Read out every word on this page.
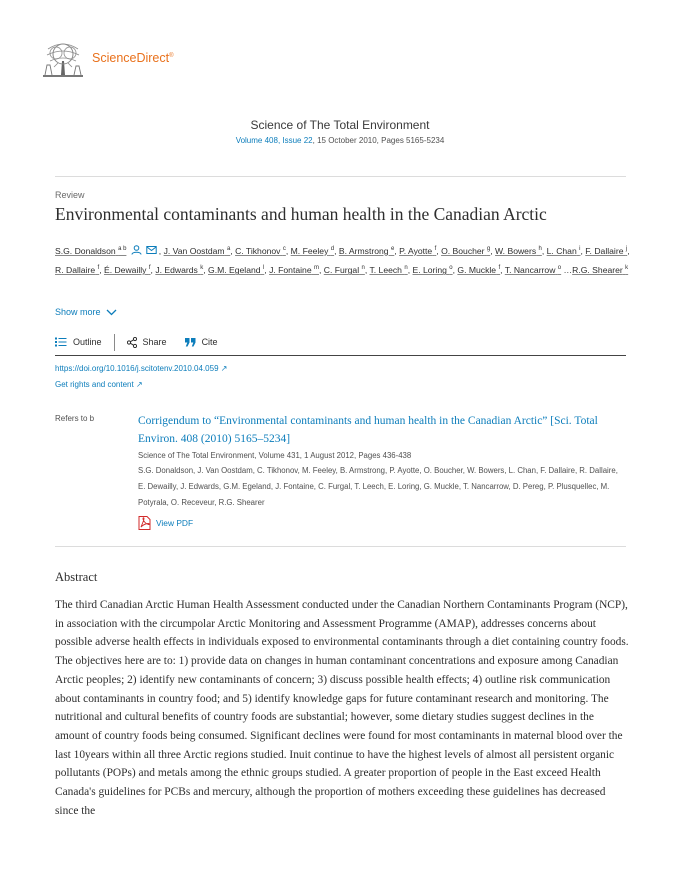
ScienceDirect®
Science of The Total Environment
Volume 408, Issue 22, 15 October 2010, Pages 5165-5234
Review
Environmental contaminants and human health in the Canadian Arctic
S.G. Donaldson $^{a b}$	, J. Van Oostdam $^a$, C. Tikhonov $^c$, M. Feeley $^d$, B. Armstrong $^e$, P. Ayotte $^f$, O. Boucher $^g$, W. Bowers $^h$, L. Chan $^i$, F. Dallaire $^j$, R. Dallaire $^f$, É. Dewailly $^f$, J. Edwards $^k$, G.M. Egeland $^l$, J. Fontaine $^m$, C. Furgal $^n$, T. Leech $^n$, E. Loring $^o$, G. Muckle $^f$, T. Nancarrow $^o$ …R.G. Shearer $^k$
Show more
Outline	Share	Cite
https://doi.org/10.1016/j.scitotenv.2010.04.059 ↗
Get rights and content ↗
Refers to b	Corrigendum to “Environmental contaminants and human health in the Canadian Arctic” [Sci. Total Environ. 408 (2010) 5165–5234]
Science of The Total Environment, Volume 431, 1 August 2012, Pages 436-438
S.G. Donaldson, J. Van Oostdam, C. Tikhonov, M. Feeley, B. Armstrong, P. Ayotte, O. Boucher, W. Bowers, L. Chan, F. Dallaire, R. Dallaire, E. Dewailly, J. Edwards, G.M. Egeland, J. Fontaine, C. Furgal, T. Leech, E. Loring, G. Muckle, T. Nancarrow, D. Pereg, P. Plusquellec, M. Potyrala, O. Receveur, R.G. Shearer
View PDF
Abstract

The third Canadian Arctic Human Health Assessment conducted under the Canadian Northern Contaminants Program (NCP), in association with the circumpolar Arctic Monitoring and Assessment Programme (AMAP), addresses concerns about possible adverse health effects in individuals exposed to environmental contaminants through a diet containing country foods. The objectives here are to: 1) provide data on changes in human contaminant concentrations and exposure among Canadian Arctic peoples; 2) identify new contaminants of concern; 3) discuss possible health effects; 4) outline risk communication about contaminants in country food; and 5) identify knowledge gaps for future contaminant research and monitoring. The nutritional and cultural benefits of country foods are substantial; however, some dietary studies suggest declines in the amount of country foods being consumed. Significant declines were found for most contaminants in maternal blood over the last 10years within all three Arctic regions studied. Inuit continue to have the highest levels of almost all persistent organic pollutants (POPs) and metals among the ethnic groups studied. A greater proportion of people in the East exceed Health Canada's guidelines for PCBs and mercury, although the proportion of mothers exceeding these guidelines has decreased since the
